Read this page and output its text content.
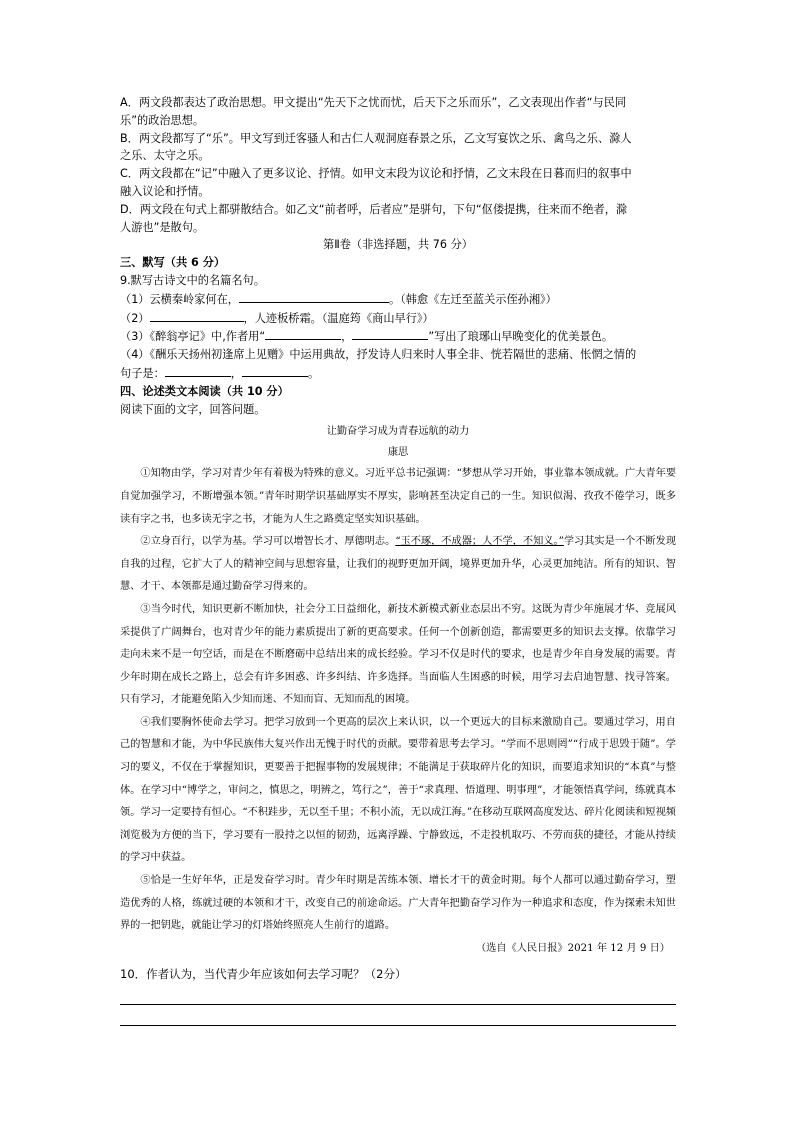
A．两文段都表达了政治思想。甲文提出“先天下之忧而忧，后天下之乐而乐”，乙文表现出作者“与民同

乐”的政治思想。

B．两文段都写了“乐”。甲文写到迁客骚人和古仁人观洞庭春景之乐，乙文写宴饮之乐、禽鸟之乐、滁人

之乐、太守之乐。

C．两文段都在“记”中融入了更多议论、抒情。如甲文末段为议论和抒情，乙文末段在日暮而归的叙事中

融入议论和抒情。

D．两文段在句式上都骈散结合。如乙文“前者呼，后者应”是骈句，下句“伛偻提携，往来而不绝者，滁

人游也”是散句。

第Ⅱ卷（非选择题，共 76 分）

三、默写（共 6 分）

9.默写古诗文中的名篇名句。

（1）云横秦岭家何在，	。（韩愈《左迁至蓝关示侄孙湘》）

（2）	，人迹板桥霜。（温庭筠《商山早行》）

（3）《醉翁亭记》中,作者用“	，	”写出了琅琊山早晚变化的优美景色。

（4）《酬乐天扬州初逢席上见赠》中运用典故，抒发诗人归来时人事全非、恍若隔世的悲痛、怅惘之情的

句子是：	，	。

四、论述类文本阅读（共 10 分）

阅读下面的文字，回答问题。

让勤奋学习成为青春远航的动力
康思

①知物由学，学习对青少年有着极为特殊的意义。习近平总书记强调：“梦想从学习开始，事业靠本领成就。广大青年要自觉加强学习，不断增强本领。”青年时期学识基础厚实不厚实，影响甚至决定自己的一生。知识似渴、孜孜不倦学习，既多读有字之书，也多读无字之书，才能为人生之路奠定坚实知识基础。

②立身百行，以学为基。学习可以增智长才、厚德明志。“玉不琢，不成器；人不学，不知义。”学习其实是一个不断发现自我的过程，它扩大了人的精神空间与思想容量，让我们的视野更加开阔，境界更加升华，心灵更加纯洁。所有的知识、智慧、才干、本领都是通过勤奋学习得来的。

③当今时代，知识更新不断加快，社会分工日益细化，新技术新模式新业态层出不穷。这既为青少年施展才华、竞展风采提供了广阔舞台，也对青少年的能力素质提出了新的更高要求。任何一个创新创造，都需要更多的知识去支撑。依靠学习走向未来不是一句空话，而是在不断磨砺中总结出来的成长经验。学习不仅是时代的要求，也是青少年自身发展的需要。青少年时期在成长之路上，总会有许多困惑、许多纠结、许多选择。当面临人生困惑的时候，用学习去启迪智慧、找寻答案。只有学习，才能避免陷入少知而迷、不知而盲、无知而乱的困境。

④我们要胸怀使命去学习。把学习放到一个更高的层次上来认识，以一个更远大的目标来激励自己。要通过学习，用自己的智慧和才能，为中华民族伟大复兴作出无愧于时代的贡献。要带着思考去学习。“学而不思则罔”“行成于思毁于随”。学习的要义，不仅在于掌握知识，更要善于把握事物的发展规律；不能满足于获取碎片化的知识，而要追求知识的“本真”与整体。在学习中“博学之，审问之，慎思之，明辨之，笃行之”，善于“求真理、悟道理、明事理”，才能领悟真学问，练就真本领。学习一定要持有恒心。“不积跬步，无以至千里；不积小流，无以成江海。”在移动互联网高度发达、碎片化阅读和短视频浏览极为方便的当下，学习要有一股持之以恒的韧劲，远离浮躁、宁静致远，不走投机取巧、不劳而获的捷径，才能从持续的学习中获益。

⑤恰是一生好年华，正是发奋学习时。青少年时期是苦练本领、增长才干的黄金时期。每个人都可以通过勤奋学习，塑造优秀的人格，练就过硬的本领和才干，改变自己的前途命运。广大青年把勤奋学习作为一种追求和态度，作为探索未知世界的一把钥匙，就能让学习的灯塔始终照亮人生前行的道路。

（选自《人民日报》2021 年 12 月 9 日）

10．作者认为，当代青少年应该如何去学习呢？（2分）
